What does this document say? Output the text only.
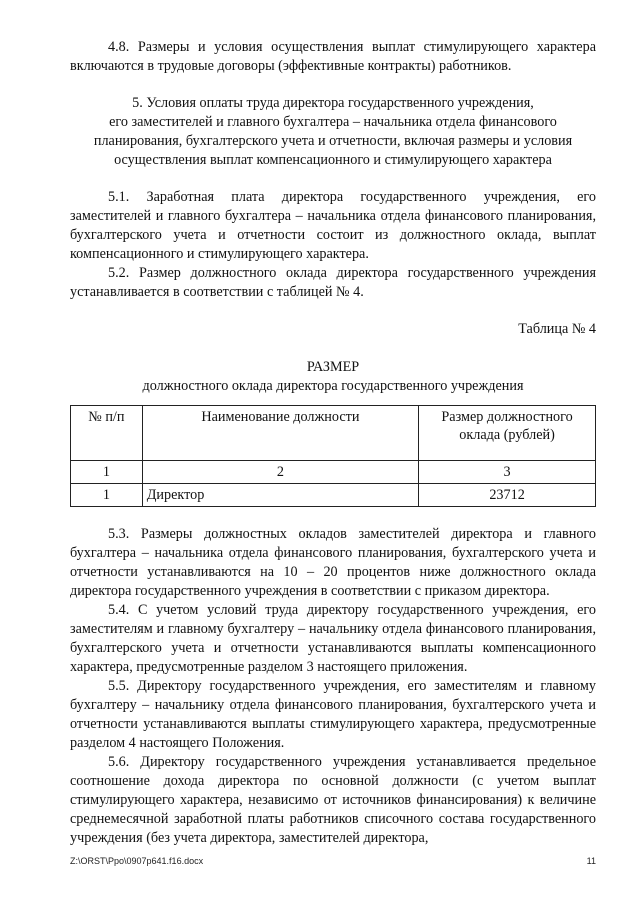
4.8. Размеры и условия осуществления выплат стимулирующего характера включаются в трудовые договоры (эффективные контракты) работников.

5. Условия оплаты труда директора государственного учреждения,

его заместителей и главного бухгалтера – начальника отдела финансового

планирования, бухгалтерского учета и отчетности, включая размеры и условия

осуществления выплат компенсационного и стимулирующего характера

5.1. Заработная плата директора государственного учреждения, его заместителей и главного бухгалтера – начальника отдела финансового планирования, бухгалтерского учета и отчетности состоит из должностного оклада, выплат компенсационного и стимулирующего характера.

5.2. Размер должностного оклада директора государственного учреждения устанавливается в соответствии с таблицей № 4.

Таблица № 4

РАЗМЕР

должностного оклада директора государственного учреждения

№ п/п	Наименование должности	Размер должностного оклада (рублей)
1	2	3
1	Директор	23712

5.3. Размеры должностных окладов заместителей директора и главного бухгалтера – начальника отдела финансового планирования, бухгалтерского учета и отчетности устанавливаются на 10 – 20 процентов ниже должностного оклада директора государственного учреждения в соответствии с приказом директора.

5.4. С учетом условий труда директору государственного учреждения, его заместителям и главному бухгалтеру – начальнику отдела финансового планирования, бухгалтерского учета и отчетности устанавливаются выплаты компенсационного характера, предусмотренные разделом 3 настоящего приложения.

5.5. Директору государственного учреждения, его заместителям и главному бухгалтеру – начальнику отдела финансового планирования, бухгалтерского учета и отчетности устанавливаются выплаты стимулирующего характера, предусмотренные разделом 4 настоящего Положения.

5.6. Директору государственного учреждения устанавливается предельное соотношение дохода директора по основной должности (с учетом выплат стимулирующего характера, независимо от источников финансирования) к величине среднемесячной заработной платы работников списочного состава государственного учреждения (без учета директора, заместителей директора,

Z:\ORST\Ppo\0907p641.f16.docx	11
